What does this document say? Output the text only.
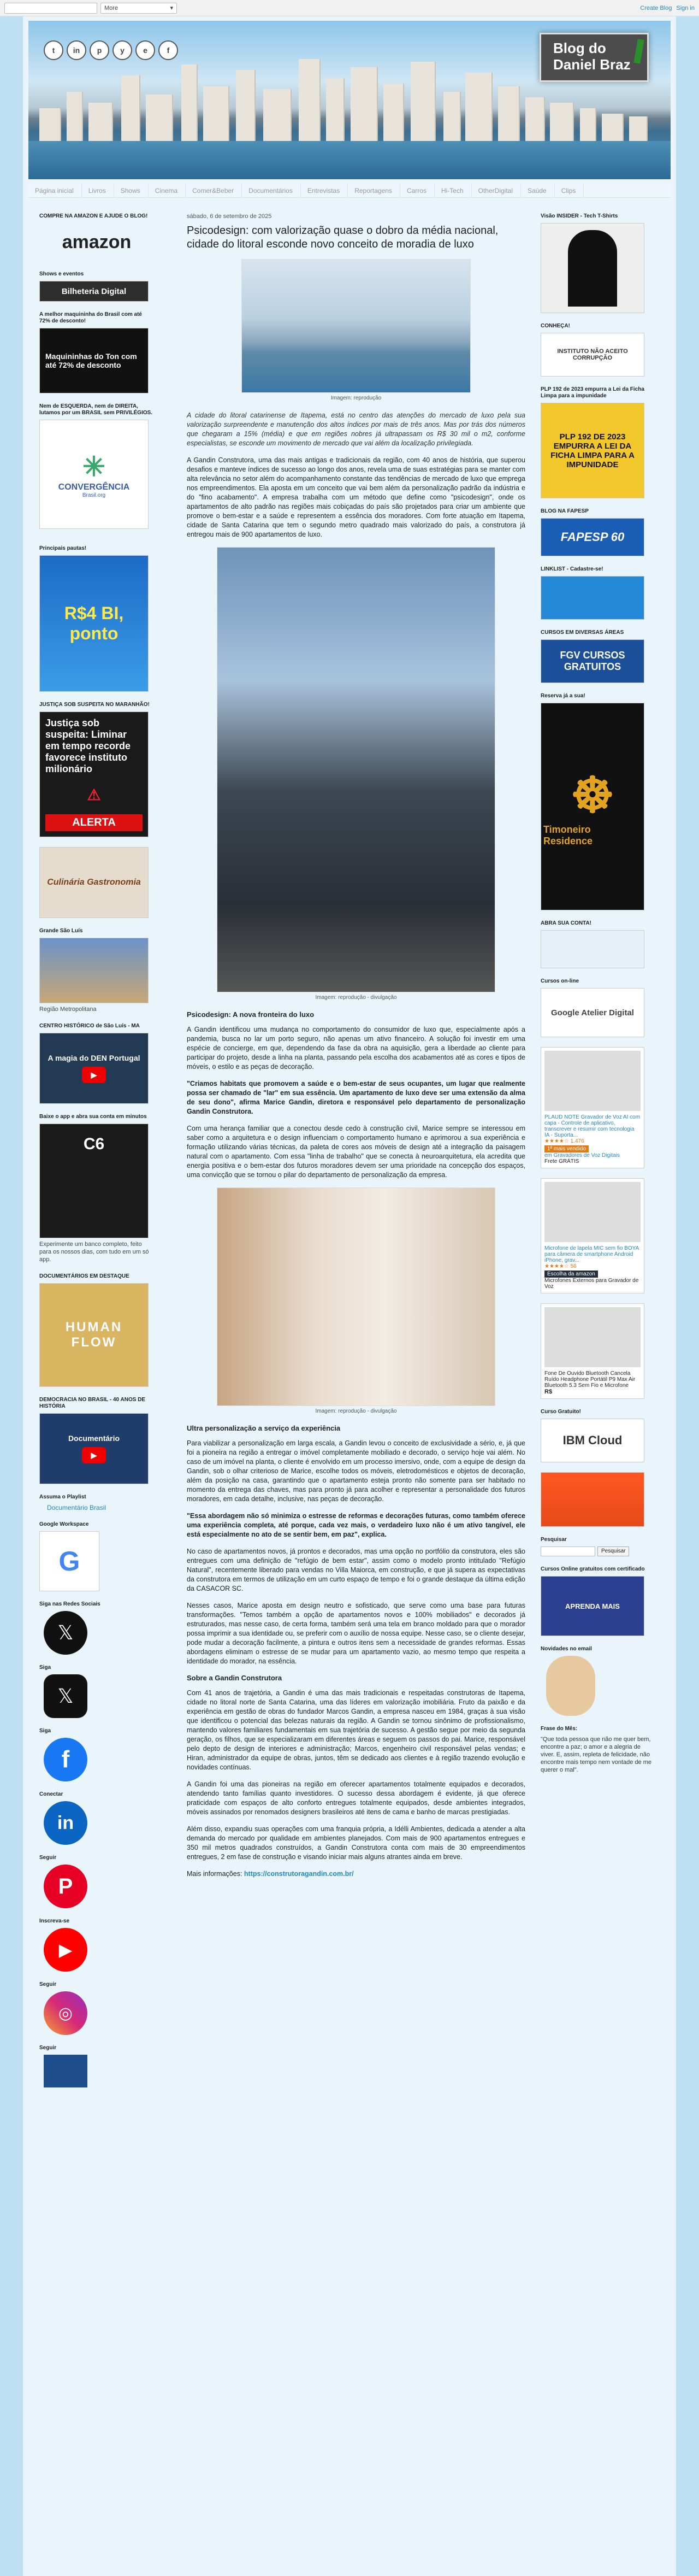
More	▾	Create Blog Sign in
t	in	p	y	e	f	Blog do
Daniel Braz
Página inicial	Livros	Shows	Cinema	Comer&Beber	Documentários	Entrevistas	Reportagens	Carros	Hi-Tech	OtherDigital	Saúde	Clips
COMPRE NA AMAZON E AJUDE O BLOG!
amazon
Shows e eventos
Bilheteria Digital
A melhor maquininha do Brasil com até 72% de desconto!
Maquininhas do Ton com até 72% de desconto
Nem de ESQUERDA, nem de DIREITA, lutamos por um BRASIL sem PRIVILÉGIOS.
✳
CONVERGÊNCIA
Brasil.org
Principais pautas!
R$4 BI, ponto
JUSTIÇA SOB SUSPEITA NO MARANHÃO!
Justiça sob suspeita: Liminar em tempo recorde favorece instituto milionário
⚠
ALERTA
Culinária Gastronomia
Grande São Luís
Região Metropolitana
CENTRO HISTÓRICO de São Luís - MA
A magia do DEN Portugal
▶
Baixe o app e abra sua conta em minutos
C6
Experimente um banco completo, feito para os nossos dias, com tudo em um só app.
DOCUMENTÁRIOS EM DESTAQUE
HUMAN FLOW
DEMOCRACIA NO BRASIL - 40 ANOS DE HISTÓRIA
Documentário
▶
Assuma o Playlist
Documentário Brasil
Google Workspace
G
Siga nas Redes Sociais
𝕏
Siga
𝕏
Siga
f
Conectar
in
Seguir
P
Inscreva-se
▶
Seguir
◎
Seguir
sábado, 6 de setembro de 2025
Psicodesign: com valorização quase o dobro da média nacional, cidade do litoral esconde novo conceito de moradia de luxo
Imagem: reprodução

A cidade do litoral catarinense de Itapema, está no centro das atenções do mercado de luxo pela sua valorização surpreendente e manutenção dos altos índices por mais de três anos. Mas por trás dos números que chegaram a 15% (média) e que em regiões nobres já ultrapassam os R$ 30 mil o m2, conforme especialistas, se esconde um movimento de mercado que vai além da localização privilegiada.

A Gandin Construtora, uma das mais antigas e tradicionais da região, com 40 anos de história, que superou desafios e manteve índices de sucesso ao longo dos anos, revela uma de suas estratégias para se manter com alta relevância no setor além do acompanhamento constante das tendências de mercado de luxo que emprega nos empreendimentos. Ela aposta em um conceito que vai bem além da personalização padrão da indústria e do "fino acabamento". A empresa trabalha com um método que define como "psicodesign", onde os apartamentos de alto padrão nas regiões mais cobiçadas do país são projetados para criar um ambiente que promove o bem-estar e a saúde e representem a essência dos moradores. Com forte atuação em Itapema, cidade de Santa Catarina que tem o segundo metro quadrado mais valorizado do país, a construtora já entregou mais de 900 apartamentos de luxo.

Imagem: reprodução - divulgação
Psicodesign: A nova fronteira do luxo

A Gandin identificou uma mudança no comportamento do consumidor de luxo que, especialmente após a pandemia, busca no lar um porto seguro, não apenas um ativo financeiro. A solução foi investir em uma espécie de concierge, em que, dependendo da fase da obra na aquisição, gera a liberdade ao cliente para participar do projeto, desde a linha na planta, passando pela escolha dos acabamentos até as cores e tipos de móveis, o estilo e as peças de decoração.

"Criamos habitats que promovem a saúde e o bem-estar de seus ocupantes, um lugar que realmente possa ser chamado de "lar" em sua essência. Um apartamento de luxo deve ser uma extensão da alma de seu dono", afirma Marice Gandin, diretora e responsável pelo departamento de personalização Gandin Construtora.

Com uma herança familiar que a conectou desde cedo à construção civil, Marice sempre se interessou em saber como a arquitetura e o design influenciam o comportamento humano e aprimorou a sua experiência e formação utilizando várias técnicas, da paleta de cores aos móveis de design até a integração da paisagem natural com o apartamento. Com essa "linha de trabalho" que se conecta à neuroarquitetura, ela acredita que energia positiva e o bem-estar dos futuros moradores devem ser uma prioridade na concepção dos espaços, uma convicção que se tornou o pilar do departamento de personalização da empresa.

Imagem: reprodução - divulgação
Ultra personalização a serviço da experiência

Para viabilizar a personalização em larga escala, a Gandin levou o conceito de exclusividade a sério, e, já que foi a pioneira na região a entregar o imóvel completamente mobiliado e decorado, o serviço hoje vai além. No caso de um imóvel na planta, o cliente é envolvido em um processo imersivo, onde, com a equipe de design da Gandin, sob o olhar criterioso de Marice, escolhe todos os móveis, eletrodomésticos e objetos de decoração, além da posição na casa, garantindo que o apartamento esteja pronto não somente para ser habitado no momento da entrega das chaves, mas para pronto já para acolher e representar a personalidade dos futuros moradores, em cada detalhe, inclusive, nas peças de decoração.

"Essa abordagem não só minimiza o estresse de reformas e decorações futuras, como também oferece uma experiência completa, até porque, cada vez mais, o verdadeiro luxo não é um ativo tangível, ele está especialmente no ato de se sentir bem, em paz", explica.

No caso de apartamentos novos, já prontos e decorados, mas uma opção no portfólio da construtora, eles são entregues com uma definição de "refúgio de bem estar", assim como o modelo pronto intitulado "Refúgio Natural", recentemente liberado para vendas no Villa Maiorca, em construção, e que já supera as expectativas da construtora em termos de utilização em um curto espaço de tempo e foi o grande destaque da última edição da CASACOR SC.

Nesses casos, Marice aposta em design neutro e sofisticado, que serve como uma base para futuras transformações. "Temos também a opção de apartamentos novos e 100% mobiliados" e decorados já estruturados, mas nesse caso, de certa forma, também será uma tela em branco moldado para que o morador possa imprimir a sua identidade ou, se preferir com o auxílio de nossa equipe. Nesse caso, se o cliente desejar, pode mudar a decoração facilmente, a pintura e outros itens sem a necessidade de grandes reformas. Essas abordagens eliminam o estresse de se mudar para um apartamento vazio, ao mesmo tempo que respeita a identidade do morador, na essência.

Sobre a Gandin Construtora

Com 41 anos de trajetória, a Gandin é uma das mais tradicionais e respeitadas construtoras de Itapema, cidade no litoral norte de Santa Catarina, uma das líderes em valorização imobiliária. Fruto da paixão e da experiência em gestão de obras do fundador Marcos Gandin, a empresa nasceu em 1984, graças à sua visão que identificou o potencial das belezas naturais da região. A Gandin se tornou sinônimo de profissionalismo, mantendo valores familiares fundamentais em sua trajetória de sucesso. A gestão segue por meio da segunda geração, os filhos, que se especializaram em diferentes áreas e seguem os passos do pai. Marice, responsável pelo depto de design de interiores e administração; Marcos, engenheiro civil responsável pelas vendas; e Hiran, administrador da equipe de obras, juntos, têm se dedicado aos clientes e à região trazendo evolução e novidades contínuas.

A Gandin foi uma das pioneiras na região em oferecer apartamentos totalmente equipados e decorados, atendendo tanto famílias quanto investidores. O sucesso dessa abordagem é evidente, já que oferece praticidade com espaços de alto conforto entregues totalmente equipados, desde ambientes integrados, móveis assinados por renomados designers brasileiros até itens de cama e banho de marcas prestigiadas.

Além disso, expandiu suas operações com uma franquia própria, a Idélli Ambientes, dedicada a atender a alta demanda do mercado por qualidade em ambientes planejados. Com mais de 900 apartamentos entregues e 350 mil metros quadrados construídos, a Gandin Construtora conta com mais de 30 empreendimentos entregues, 2 em fase de construção e visando iniciar mais alguns atrantes ainda em breve.

Mais informações: https://construtoragandin.com.br/

Visão INSIDER - Tech T-Shirts
CONHEÇA!
INSTITUTO NÃO ACEITO CORRUPÇÃO
PLP 192 de 2023 empurra a Lei da Ficha Limpa para a impunidade
PLP 192 DE 2023 EMPURRA A LEI DA FICHA LIMPA PARA A IMPUNIDADE
BLOG NA FAPESP
FAPESP 60
LINKLIST - Cadastre-se!
CURSOS EM DIVERSAS ÁREAS
FGV CURSOS GRATUITOS
Reserva já a sua!
☸
Timoneiro Residence
ABRA SUA CONTA!
Cursos on-line
Google Atelier Digital
PLAUD NOTE Gravador de Voz AI com capa - Controle de aplicativo, transcrever e resumir com tecnologia IA - Suporta...
★★★★☆ 1.476
1ª mais vendido
em Gravadores de Voz Digitais
Frete GRÁTIS
Microfone de lapela MIC sem fio BOYA para câmera de smartphone Android iPhone, grav...
★★★★☆ 56
Escolha da amazon
Microfones Externos para Gravador de Voz
Fone De Ouvido Bluetooth Cancela Ruído Headphone Portátil P9 Max Air Bluetooth 5.3 Sem Fio e Microfone
R$
Curso Gratuito!
IBM Cloud
Pesquisar
Pesquisar
Cursos Online gratuitos com certificado
APRENDA MAIS
Novidades no email
Frase do Mês:
"Que toda pessoa que não me quer bem, encontre a paz; o amor e a alegria de viver. E, assim, repleta de felicidade, não encontre mais tempo nem vontade de me querer o mal".
